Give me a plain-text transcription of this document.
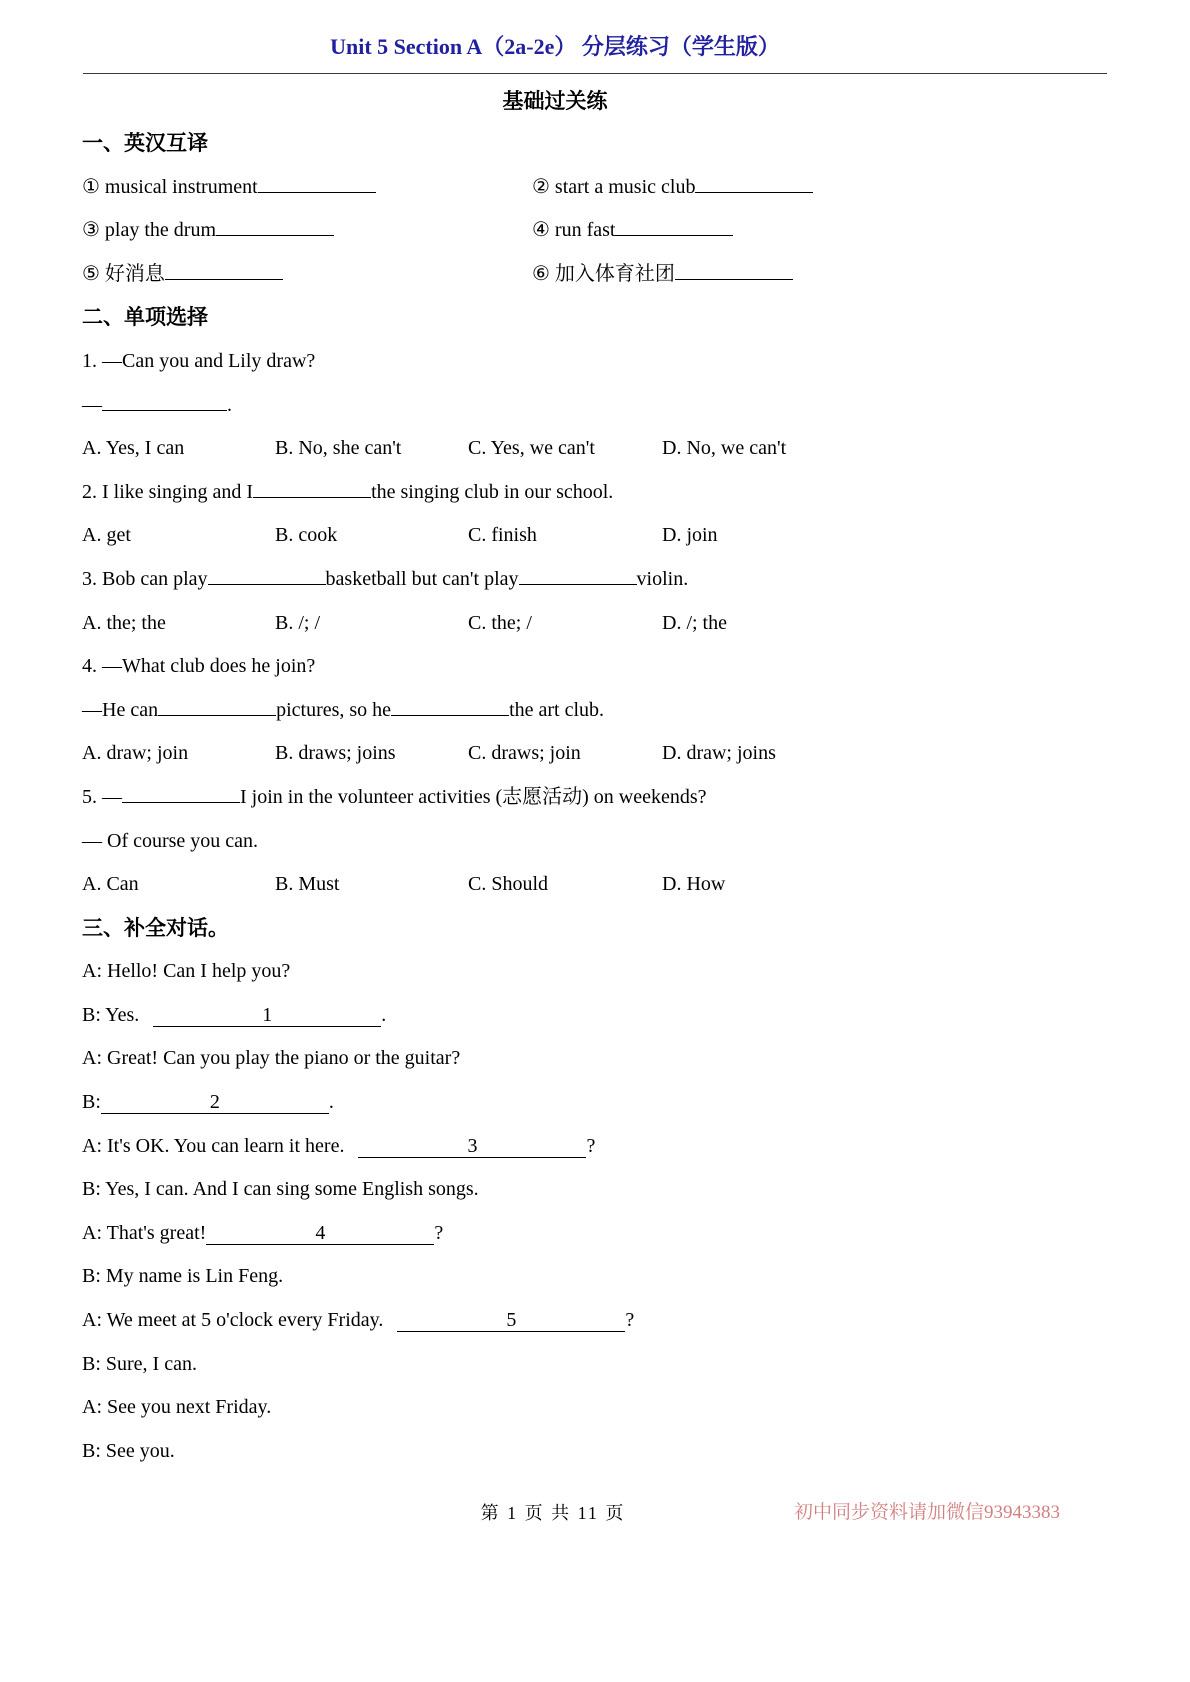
Unit 5 Section A（2a-2e） 分层练习（学生版）
基础过关练
一、英汉互译
① musical instrument	② start a music club
③ play the drum	④ run fast
⑤ 好消息	⑥ 加入体育社团
二、单项选择
1. —Can you and Lily draw?
—	.
A. Yes, I can	B. No, she can't	C. Yes, we can't	D. No, we can't
2. I like singing and I	the singing club in our school.
A. get	B. cook	C. finish	D. join
3. Bob can play	basketball but can't play	violin.
A. the; the	B. /; /	C. the; /	D. /; the
4. —What club does he join?
—He can	pictures, so he	the art club.
A. draw; join	B. draws; joins	C. draws; join	D. draw; joins
5. —	I join in the volunteer activities (志愿活动) on weekends?
— Of course you can.
A. Can	B. Must	C. Should	D. How
三、补全对话。
A: Hello! Can I help you?
B: Yes.	1	.
A: Great! Can you play the piano or the guitar?
B:	2	.
A: It's OK. You can learn it here.	3	?
B: Yes, I can. And I can sing some English songs.
A: That's great!	4	?
B: My name is Lin Feng.
A: We meet at 5 o'clock every Friday.	5	?
B: Sure, I can.
A: See you next Friday.
B: See you.
第 1 页 共 11 页	初中同步资料请加微信93943383
